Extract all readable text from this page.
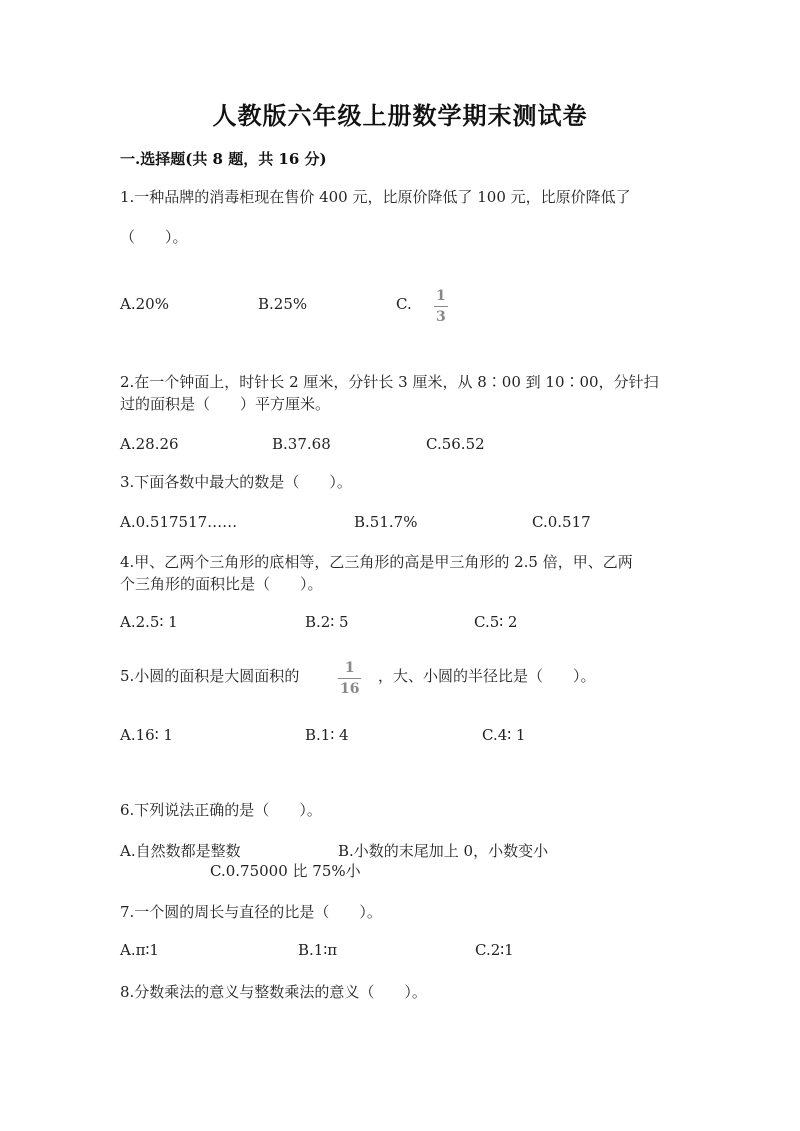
人教版六年级上册数学期末测试卷
一.选择题(共 8 题，共 16 分)
1.一种品牌的消毒柜现在售价 400 元，比原价降低了 100 元，比原价降低了
（　　）。
A.20%	B.25%	C. 1
3
2.在一个钟面上，时针长 2 厘米，分针长 3 厘米，从 8∶00 到 10∶00，分针扫
过的面积是（　　）平方厘米。
A.28.26	B.37.68	C.56.52
3.下面各数中最大的数是（　　）。
A.0.517517……	B.51.7%	C.0.517
4.甲、乙两个三角形的底相等，乙三角形的高是甲三角形的 2.5 倍，甲、乙两
个三角形的面积比是（　　）。
A.2.5∶ 1	B.2∶ 5	C.5∶ 2
5.小圆的面积是大圆面积的	1
16
，大、小圆的半径比是（　　）。
A.16∶ 1	B.1∶ 4	C.4∶ 1
6.下列说法正确的是（　　）。
A.自然数都是整数	B.小数的末尾加上 0，小数变小
C.0.75000 比 75%小
7.一个圆的周长与直径的比是（　　）。
A.π∶1	B.1∶π	C.2∶1
8.分数乘法的意义与整数乘法的意义（　　）。
